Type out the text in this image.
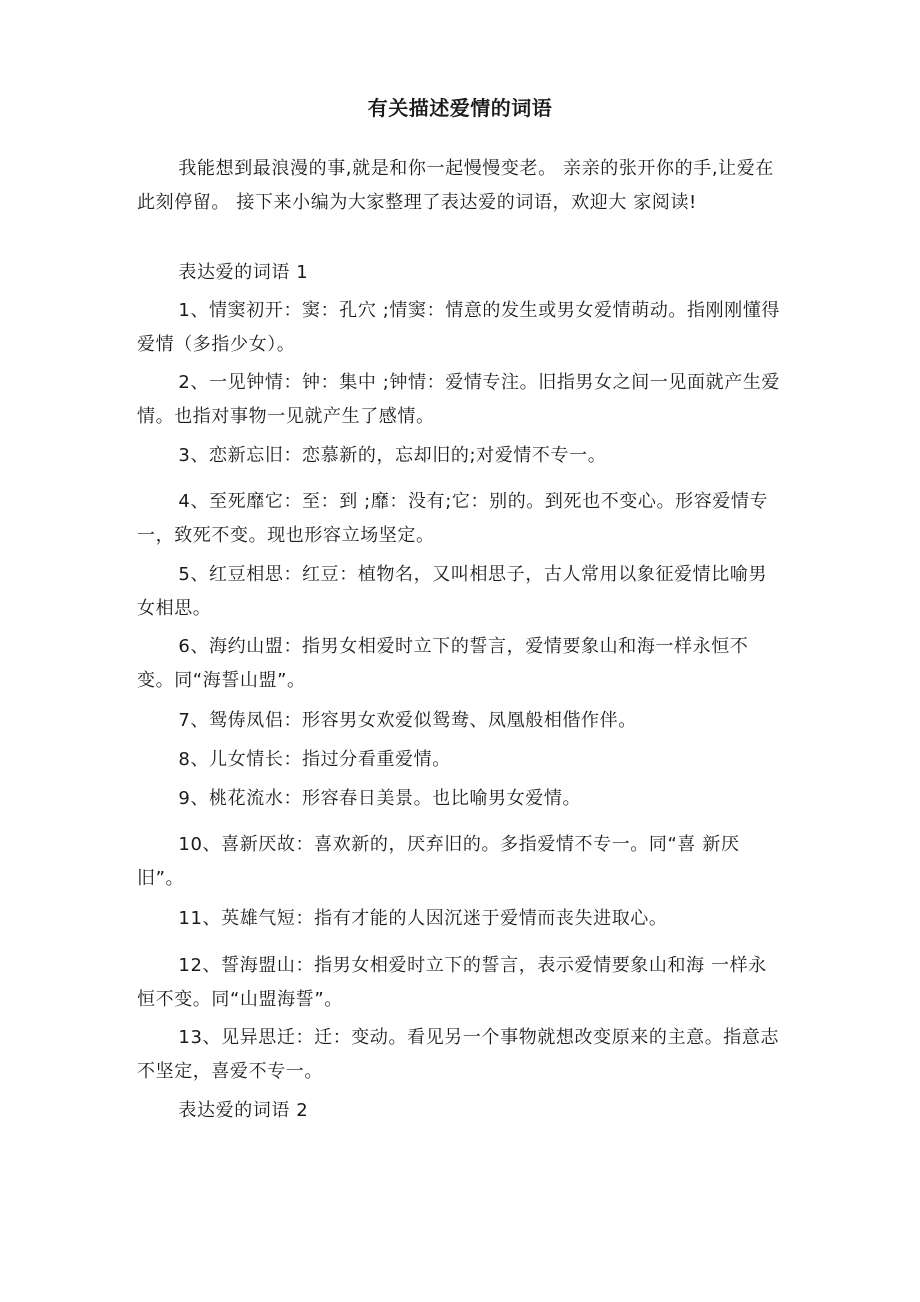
有关描述爱情的词语

我能想到最浪漫的事,就是和你一起慢慢变老。 亲亲的张开你的手,让爱在此刻停留。 接下来小编为大家整理了表达爱的词语，欢迎大 家阅读!

表达爱的词语 1

1、情窦初开：窦：孔穴 ;情窦：情意的发生或男女爱情萌动。指刚刚懂得爱情（多指少女）。

2、一见钟情：钟：集中 ;钟情：爱情专注。旧指男女之间一见面就产生爱情。也指对事物一见就产生了感情。

3、恋新忘旧：恋慕新的，忘却旧的;对爱情不专一。

4、至死靡它：至：到 ;靡：没有;它：别的。到死也不变心。形容爱情专一，致死不变。现也形容立场坚定。

5、红豆相思：红豆：植物名，又叫相思子，古人常用以象征爱情比喻男女相思。

6、海约山盟：指男女相爱时立下的誓言，爱情要象山和海一样永恒不变。同“海誓山盟”。

7、鸳俦凤侣：形容男女欢爱似鸳鸯、凤凰般相偕作伴。

8、儿女情长：指过分看重爱情。

9、桃花流水：形容春日美景。也比喻男女爱情。

10、喜新厌故：喜欢新的，厌弃旧的。多指爱情不专一。同“喜 新厌旧”。

11、英雄气短：指有才能的人因沉迷于爱情而丧失进取心。

12、誓海盟山：指男女相爱时立下的誓言，表示爱情要象山和海 一样永恒不变。同“山盟海誓”。

13、见异思迁：迁：变动。看见另一个事物就想改变原来的主意。指意志不坚定，喜爱不专一。

表达爱的词语 2
